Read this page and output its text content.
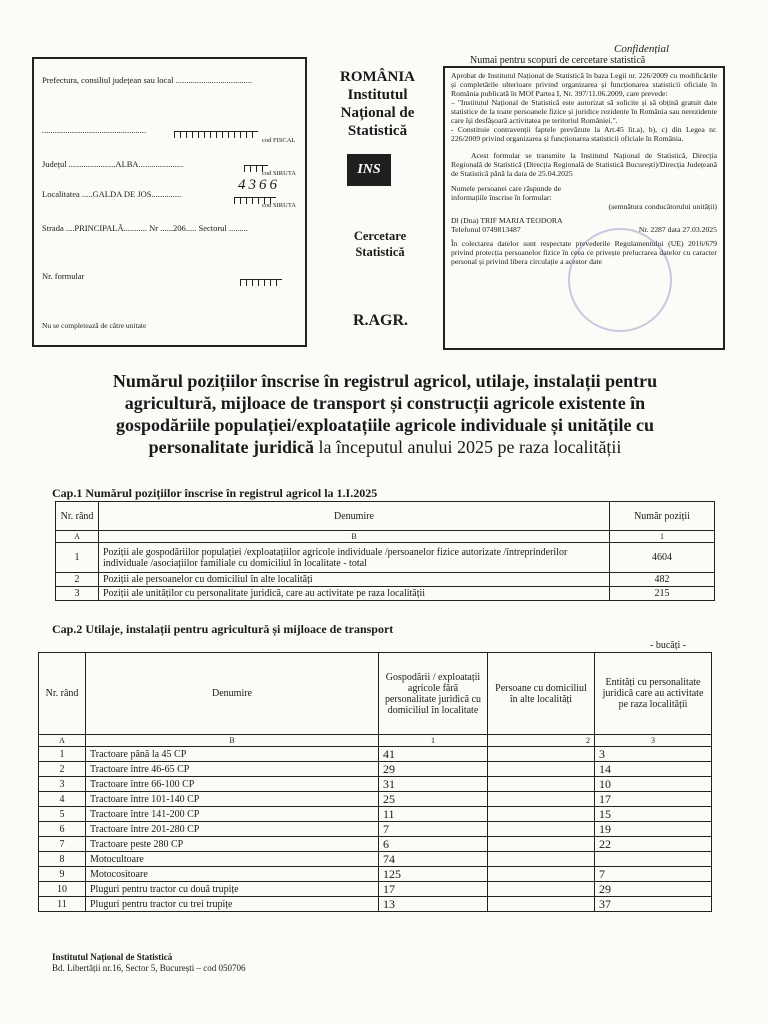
Confidențial
Numai pentru scopuri de cercetare statistică
Prefectura, consiliul județean sau local ....................................
.................................................
cod FISCAL
Județul ......................ALBA.....................
cod SIRUTA
Localitatea .....GALDA DE JOS..............
4366
cod SIRUTA
Strada ....PRINCIPALĂ........... Nr ......206..... Sectorul .........
Nr. formular
Nu se completează de către unitate
ROMÂNIA
Institutul
Național de
Statistică
INS
Cercetare
Statistică
R.AGR.

Aprobat de Institutul Național de Statistică în baza Legii nr. 226/2009 cu modificările și completările ulterioare privind organizarea și funcționarea statisticii oficiale în România publicată în MOf Partea I, Nr. 397/11.06.2009, care prevede:

– "Institutul Național de Statistică este autorizat să solicite și să obțină gratuit date statistice de la toate persoanele fizice și juridice rezidente în România sau nerezidente care își desfășoară activitatea pe teritoriul României.".

- Constituie contravenții faptele prevăzute la Art.45 lit.a), b), c) din Legea nr. 226/2009 privind organizarea și funcționarea statisticii oficiale în România.

Acest formular se transmite la Institutul Național de Statistică, Direcția Regională de Statistică (Direcția Regională de Statistică București)/Direcția Județeană de Statistică până la data de 25.04.2025

Numele persoanei care răspunde de informațiile înscrise în formular:

(semnătura conducătorului unității)

Dl (Dna) TRIF MARIA TEODORA

Telefonul 0749813487	Nr. 2287 data 27.03.2025

În colectarea datelor sunt respectate prevederile Regulamentului (UE) 2016/679 privind protecția persoanelor fizice în ceea ce privește prelucrarea datelor cu caracter personal și privind libera circulație a acestor date

Numărul pozițiilor înscrise în registrul agricol, utilaje, instalații pentru
agricultură, mijloace de transport și construcții agricole existente în
gospodăriile populației/exploatațiile agricole individuale și unitățile cu
personalitate juridică la începutul anului 2025 pe raza localității
Cap.1 Numărul pozițiilor înscrise în registrul agricol la 1.I.2025
Nr. rând	Denumire	Număr poziții
A	B	1
1	Poziții ale gospodăriilor populației /exploatațiilor agricole individuale /persoanelor fizice autorizate /întreprinderilor individuale /asociațiilor familiale cu domiciliul în localitate - total	4604
2	Poziții ale persoanelor cu domiciliul în alte localități	482
3	Poziții ale unităților cu personalitate juridică, care au activitate pe raza localității	215
Cap.2 Utilaje, instalații pentru agricultură și mijloace de transport
- bucăți -
Nr. rând	Denumire	Gospodării / exploatații agricole fără personalitate juridică cu domiciliul în localitate	Persoane cu domiciliul în alte localități	Entități cu personalitate juridică care au activitate pe raza localității
A	B	1	2	3
1	Tractoare până la 45 CP	41		3
2	Tractoare între 46-65 CP	29		14
3	Tractoare între 66-100 CP	31		10
4	Tractoare între 101-140 CP	25		17
5	Tractoare între 141-200 CP	11		15
6	Tractoare între 201-280 CP	7		19
7	Tractoare peste 280 CP	6		22
8	Motocultoare	74		
9	Motocositoare	125		7
10	Pluguri pentru tractor cu două trupițe	17		29
11	Pluguri pentru tractor cu trei trupițe	13		37
Institutul Național de Statistică
Bd. Libertății nr.16, Sector 5, București – cod 050706
